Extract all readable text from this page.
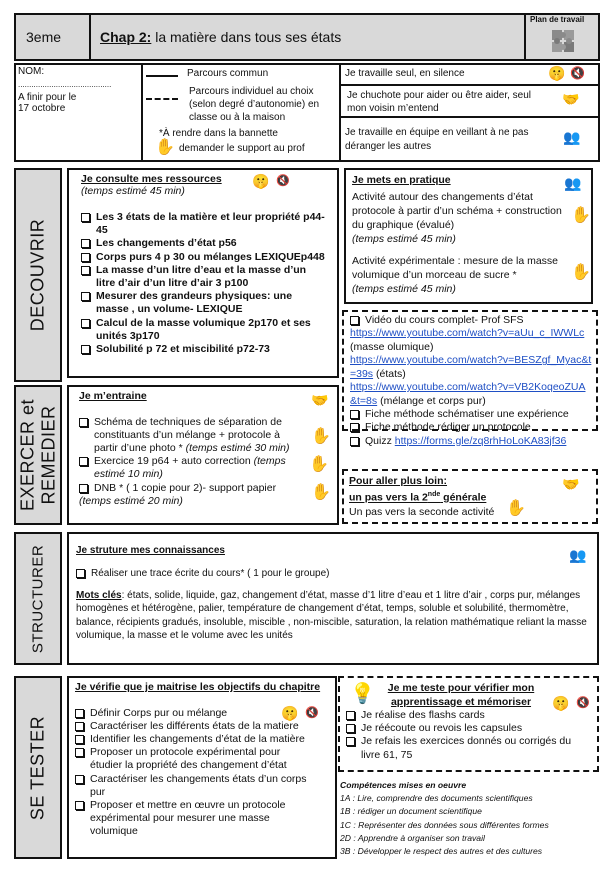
3eme	Chap 2: la matière dans tous ses états
Plan de travail
NOM:
..........................................
A finir pour le
17 octobre
Parcours commun
Parcours individuel au choix (selon degré d’autonomie) en classe ou à la maison
*À rendre dans la bannette
✋ demander le support au prof
Je travaille seul, en silence	🤫 🔇
Je chuchote pour aider ou être aider, seul mon voisin m’entend
🤝
Je travaille en équipe en veillant à ne pas déranger les autres
👥
DECOUVRIR
Je consulte mes ressources
(temps estimé 45 min)
🤫 🔇
Les 3 états de la matière et leur propriété p44-45
Les changements d’état p56
Corps purs 4 p 30 ou mélanges LEXIQUEp448
La masse d’un litre d’eau et la masse d’un litre d’air d’un litre d’air 3 p100
Mesurer des grandeurs physiques: une masse , un volume- LEXIQUE
Calcul de la masse volumique 2p170 et ses unités 3p170
Solubilité p 72 et miscibilité p72-73
Je mets en pratique	👥
Activité autour des changements d’état protocole à partir d’un schéma + construction du graphique (évalué)
✋
(temps estimé 45 min)
Activité expérimentale : mesure de la masse volumique d’un morceau de sucre *	✋
(temps estimé 45 min)
Vidéo du cours complet- Prof SFS
https://www.youtube.com/watch?v=aUu_c_IWWLc (masse olumique)
https://www.youtube.com/watch?v=BESZgf_Myac&t=39s (états)
https://www.youtube.com/watch?v=VB2KoqeoZUA&t=8s (mélange et corps pur)
Fiche méthode schématiser une expérience
Fiche méthode rédiger un protocole
Quizz https://forms.gle/zq8rhHoLoKA83jf36
EXERCER et REMEDIER
Je m’entraine	🤝
Schéma de techniques de séparation de constituants d’un mélange + protocole à partir d’une photo * (temps estimé 30 min)
Exercice 19 p64 + auto correction (temps estimé 10 min)
DNB * ( 1 copie pour 2)- support papier
(temps estimé 20 min)
✋
✋
✋
Pour aller plus loin:
un pas vers la 2nde générale
Un pas vers la seconde activité
🤝
✋
STRUCTURER	Je struture mes connaissances	👥
Réaliser une trace écrite du cours* ( 1 pour le groupe)
Mots clés: états, solide, liquide, gaz, changement d’état, masse d’1 litre d’eau et 1 litre d’air , corps pur, mélanges homogènes et hétérogène, palier, température de changement d’état, temps, soluble et solubilité, thermomètre, balance, récipients gradués, insoluble, miscible , non-miscible, saturation, la relation mathématique reliant la masse volumique, la masse et le volume avec les unités
SE TESTER
Je vérifie que je maitrise les objectifs du chapitre
🤫 🔇
Définir Corps pur ou mélange
Caractériser les différents états de la matiere
Identifier les changements d’état de la matière
Proposer un protocole expérimental pour étudier la propriété des changement d’état
Caractériser les changements états d’un corps pur
Proposer et mettre en œuvre un protocole expérimental pour mesurer une masse volumique
💡	Je me teste pour vérifier mon
apprentissage et mémoriser	🤫 🔇
Je réalise des flashs cards
Je réécoute ou revois les capsules
Je refais les exercices donnés ou corrigés du livre 61, 75
Compétences mises en oeuvre
1A : Lire, comprendre des documents scientifiques
1B : rédiger un document scientifique
1C : Représenter des données sous différentes formes
2D : Apprendre à organiser son travail
3B : Développer le respect des autres et des cultures
